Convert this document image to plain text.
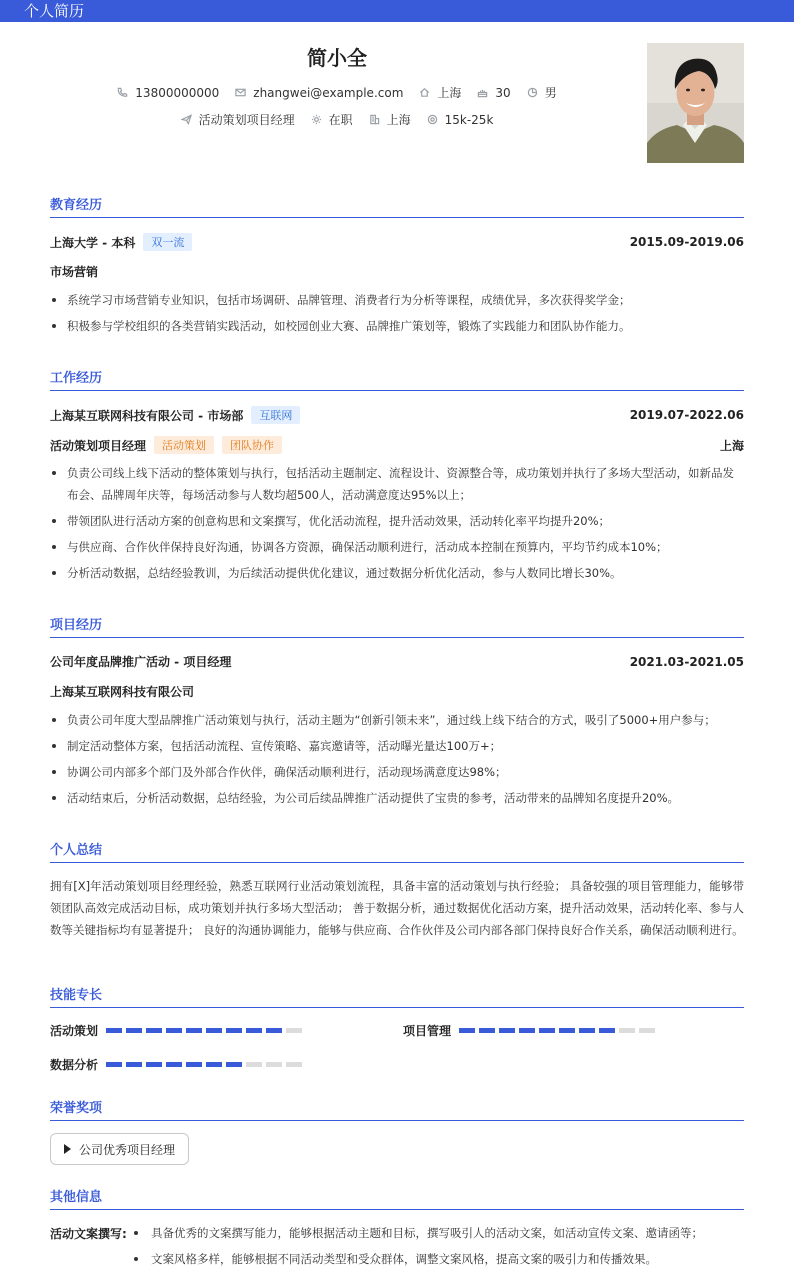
个人简历
简小全
13800000000	zhangwei@example.com	上海	30	男
活动策划项目经理	在职	上海	15k-25k
教育经历
上海大学 - 本科	双一流	2015.09-2019.06
市场营销
系统学习市场营销专业知识，包括市场调研、品牌管理、消费者行为分析等课程，成绩优异，多次获得奖学金；
积极参与学校组织的各类营销实践活动，如校园创业大赛、品牌推广策划等，锻炼了实践能力和团队协作能力。
工作经历
上海某互联网科技有限公司 - 市场部	互联网	2019.07-2022.06
活动策划项目经理	活动策划	团队协作	上海
负责公司线上线下活动的整体策划与执行，包括活动主题制定、流程设计、资源整合等，成功策划并执行了多场大型活动，如新品发布会、品牌周年庆等，每场活动参与人数均超500人，活动满意度达95%以上；
带领团队进行活动方案的创意构思和文案撰写，优化活动流程，提升活动效果，活动转化率平均提升20%；
与供应商、合作伙伴保持良好沟通，协调各方资源，确保活动顺利进行，活动成本控制在预算内，平均节约成本10%；
分析活动数据，总结经验教训，为后续活动提供优化建议，通过数据分析优化活动，参与人数同比增长30%。
项目经历
公司年度品牌推广活动 - 项目经理	2021.03-2021.05
上海某互联网科技有限公司
负责公司年度大型品牌推广活动策划与执行，活动主题为“创新引领未来”，通过线上线下结合的方式，吸引了5000+用户参与；
制定活动整体方案，包括活动流程、宣传策略、嘉宾邀请等，活动曝光量达100万+；
协调公司内部多个部门及外部合作伙伴，确保活动顺利进行，活动现场满意度达98%；
活动结束后，分析活动数据，总结经验，为公司后续品牌推广活动提供了宝贵的参考，活动带来的品牌知名度提升20%。
个人总结
拥有[X]年活动策划项目经理经验，熟悉互联网行业活动策划流程，具备丰富的活动策划与执行经验； 具备较强的项目管理能力，能够带领团队高效完成活动目标，成功策划并执行多场大型活动； 善于数据分析，通过数据优化活动方案，提升活动效果，活动转化率、参与人数等关键指标均有显著提升； 良好的沟通协调能力，能够与供应商、合作伙伴及公司内部各部门保持良好合作关系，确保活动顺利进行。
技能专长
活动策划	项目管理
数据分析
荣誉奖项
公司优秀项目经理
其他信息
活动文案撰写:	具备优秀的文案撰写能力，能够根据活动主题和目标，撰写吸引人的活动文案，如活动宣传文案、邀请函等；
文案风格多样，能够根据不同活动类型和受众群体，调整文案风格，提高文案的吸引力和传播效果。
